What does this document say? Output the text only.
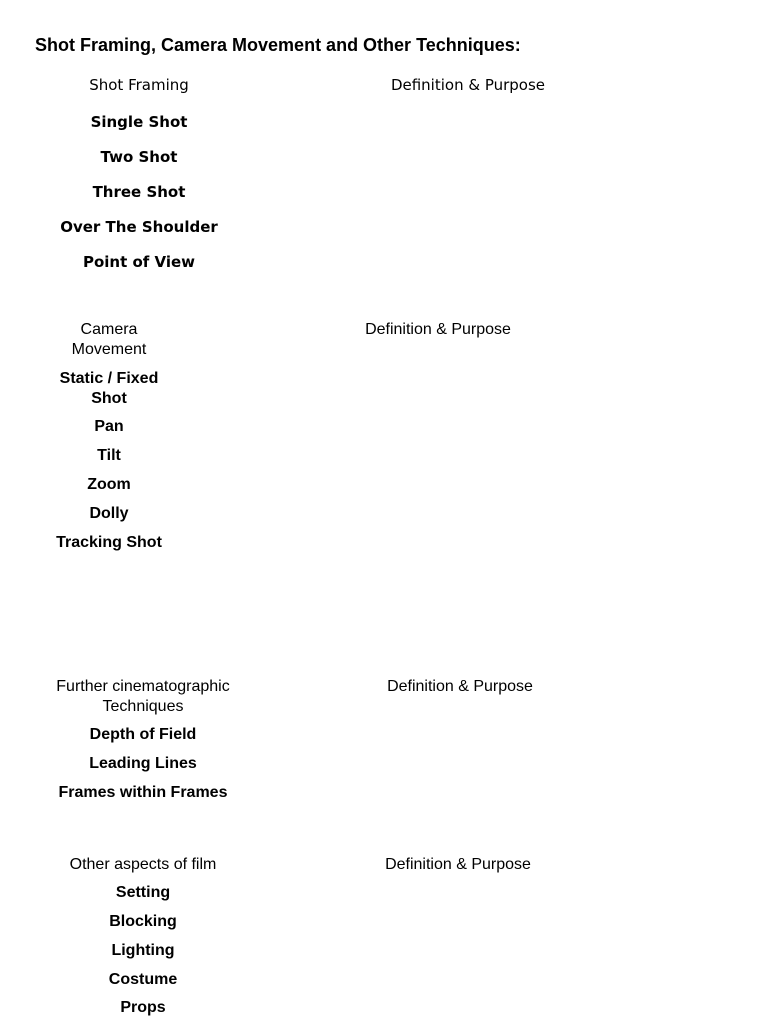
Shot Framing, Camera Movement and Other Techniques:
Shot Framing	Definition & Purpose
Single Shot
Two Shot
Three Shot
Over The Shoulder
Point of View
Camera
Movement
Definition & Purpose
Static / Fixed
Shot
Pan
Tilt
Zoom
Dolly
Tracking Shot
Further cinematographic
Techniques
Definition & Purpose
Depth of Field
Leading Lines
Frames within Frames
Other aspects of film	Definition & Purpose
Setting
Blocking
Lighting
Costume
Props
